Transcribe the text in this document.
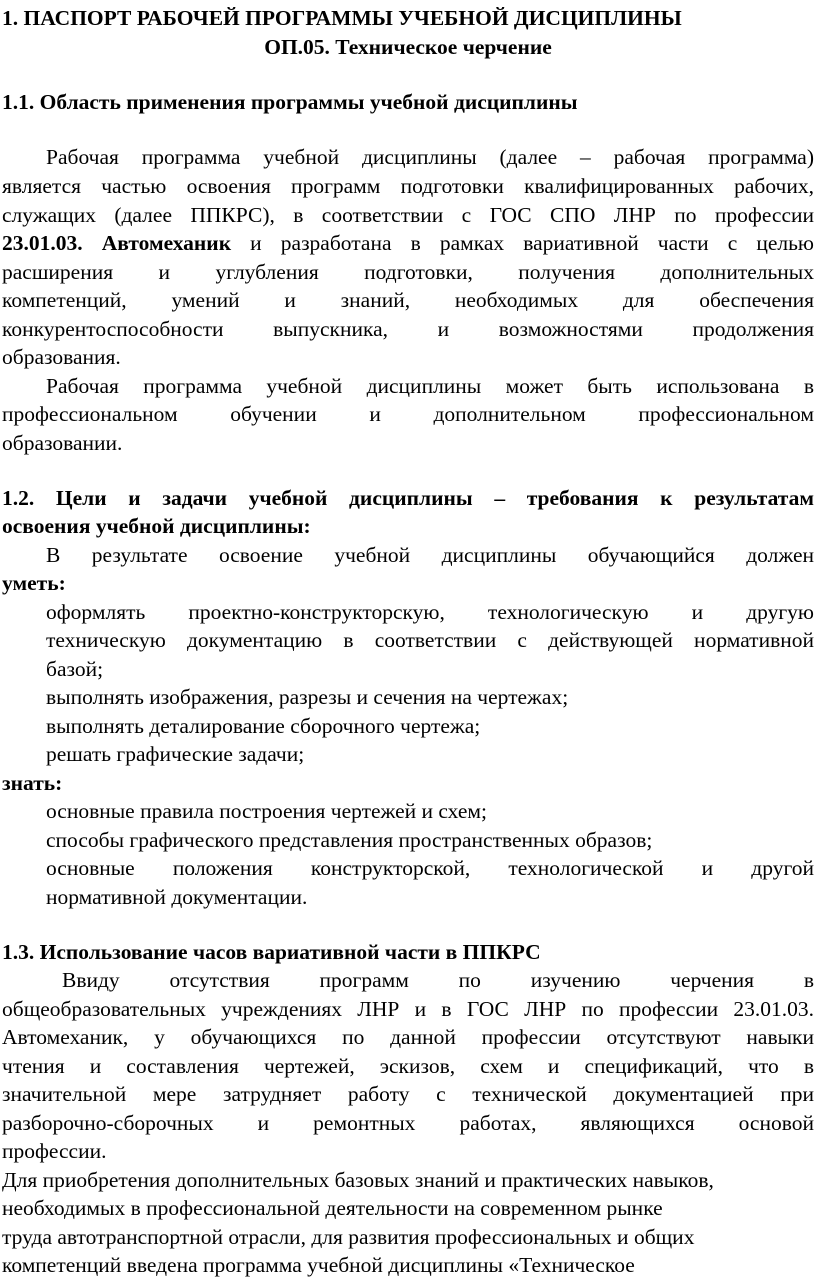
1. ПАСПОРТ РАБОЧЕЙ ПРОГРАММЫ УЧЕБНОЙ ДИСЦИПЛИНЫ
ОП.05. Техническое черчение
1.1. Область применения программы учебной дисциплины
Рабочая программа учебной дисциплины (далее – рабочая программа)
является частью освоения программ подготовки квалифицированных рабочих,
служащих (далее ППКРС), в соответствии с ГОС СПО ЛНР по профессии
23.01.03. Автомеханик и разработана в рамках вариативной части с целью
расширения и углубления подготовки, получения дополнительных
компетенций, умений и знаний, необходимых для обеспечения
конкурентоспособности выпускника, и возможностями продолжения
образования.
Рабочая программа учебной дисциплины может быть использована в
профессиональном обучении и дополнительном профессиональном
образовании.
1.2. Цели и задачи учебной дисциплины – требования к результатам
освоения учебной дисциплины:
В результате освоение учебной дисциплины обучающийся должен
уметь:
оформлять проектно-конструкторскую, технологическую и другую
техническую документацию в соответствии с действующей нормативной
базой;
выполнять изображения, разрезы и сечения на чертежах;
выполнять деталирование сборочного чертежа;
решать графические задачи;
знать:
основные правила построения чертежей и схем;
способы графического представления пространственных образов;
основные положения конструкторской, технологической и другой
нормативной документации.
1.3. Использование часов вариативной части в ППКРС
Ввиду отсутствия программ по изучению черчения в
общеобразовательных учреждениях ЛНР и в ГОС ЛНР по профессии 23.01.03.
Автомеханик, у обучающихся по данной профессии отсутствуют навыки
чтения и составления чертежей, эскизов, схем и спецификаций, что в
значительной мере затрудняет работу с технической документацией при
разборочно-сборочных и ремонтных работах, являющихся основой
профессии.
Для приобретения дополнительных базовых знаний и практических навыков,
необходимых в профессиональной деятельности на современном рынке
труда автотранспортной отрасли, для развития профессиональных и общих
компетенций введена программа учебной дисциплины «Техническое
